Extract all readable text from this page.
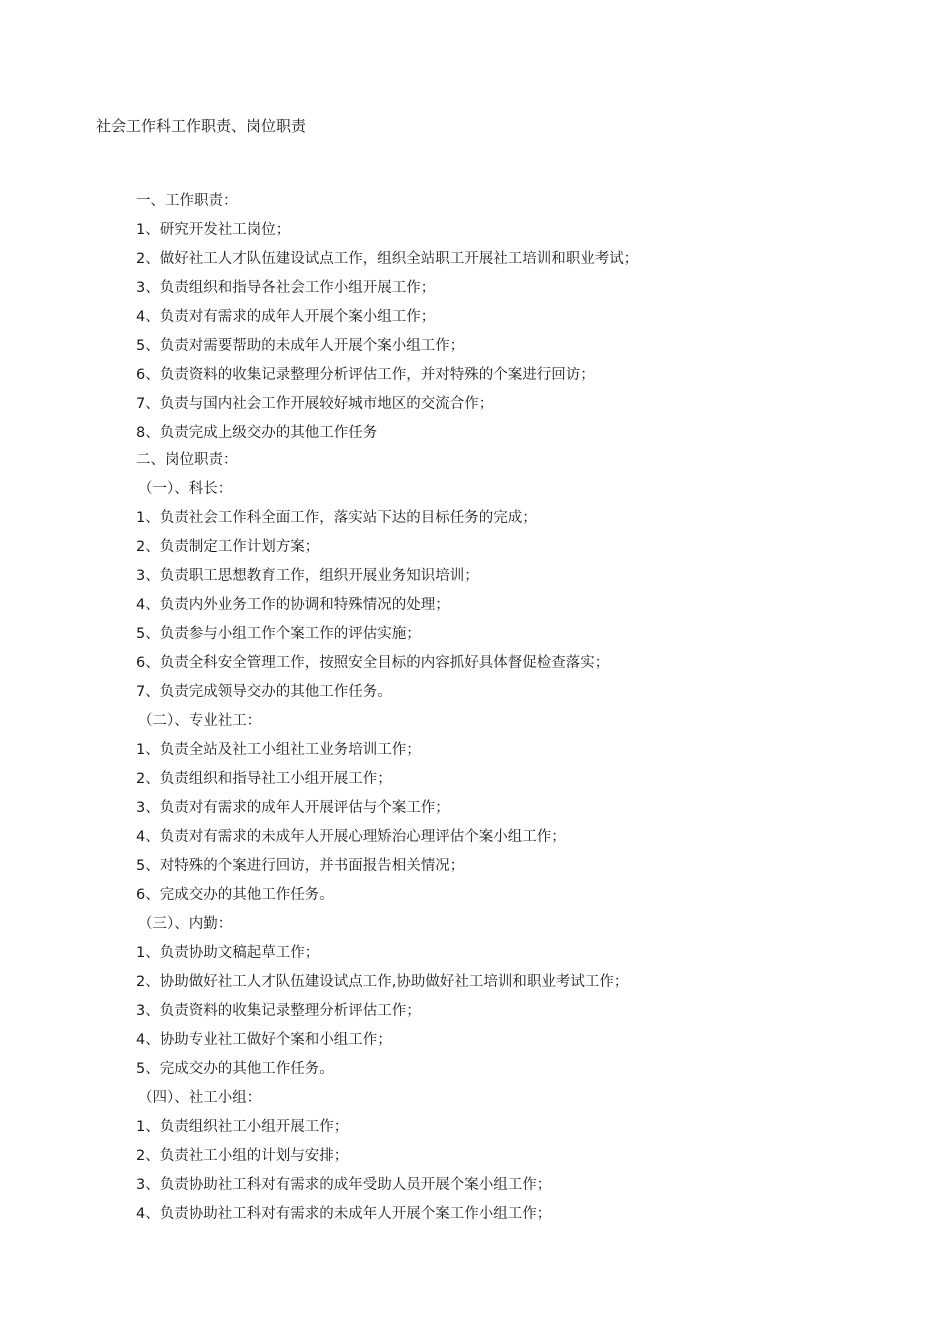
社会工作科工作职责、岗位职责
一、工作职责：
1、研究开发社工岗位；
2、做好社工人才队伍建设试点工作，组织全站职工开展社工培训和职业考试；
3、负责组织和指导各社会工作小组开展工作；
4、负责对有需求的成年人开展个案小组工作；
5、负责对需要帮助的未成年人开展个案小组工作；
6、负责资料的收集记录整理分析评估工作，并对特殊的个案进行回访；
7、负责与国内社会工作开展较好城市地区的交流合作；
8、负责完成上级交办的其他工作任务
二、岗位职责：
（一）、科长：
1、负责社会工作科全面工作，落实站下达的目标任务的完成；
2、负责制定工作计划方案；
3、负责职工思想教育工作，组织开展业务知识培训；
4、负责内外业务工作的协调和特殊情况的处理；
5、负责参与小组工作个案工作的评估实施；
6、负责全科安全管理工作，按照安全目标的内容抓好具体督促检查落实；
7、负责完成领导交办的其他工作任务。
（二）、专业社工：
1、负责全站及社工小组社工业务培训工作；
2、负责组织和指导社工小组开展工作；
3、负责对有需求的成年人开展评估与个案工作；
4、负责对有需求的未成年人开展心理矫治心理评估个案小组工作；
5、对特殊的个案进行回访，并书面报告相关情况；
6、完成交办的其他工作任务。
（三）、内勤：
1、负责协助文稿起草工作；
2、协助做好社工人才队伍建设试点工作,协助做好社工培训和职业考试工作；
3、负责资料的收集记录整理分析评估工作；
4、协助专业社工做好个案和小组工作；
5、完成交办的其他工作任务。
（四）、社工小组：
1、负责组织社工小组开展工作；
2、负责社工小组的计划与安排；
3、负责协助社工科对有需求的成年受助人员开展个案小组工作；
4、负责协助社工科对有需求的未成年人开展个案工作小组工作；
